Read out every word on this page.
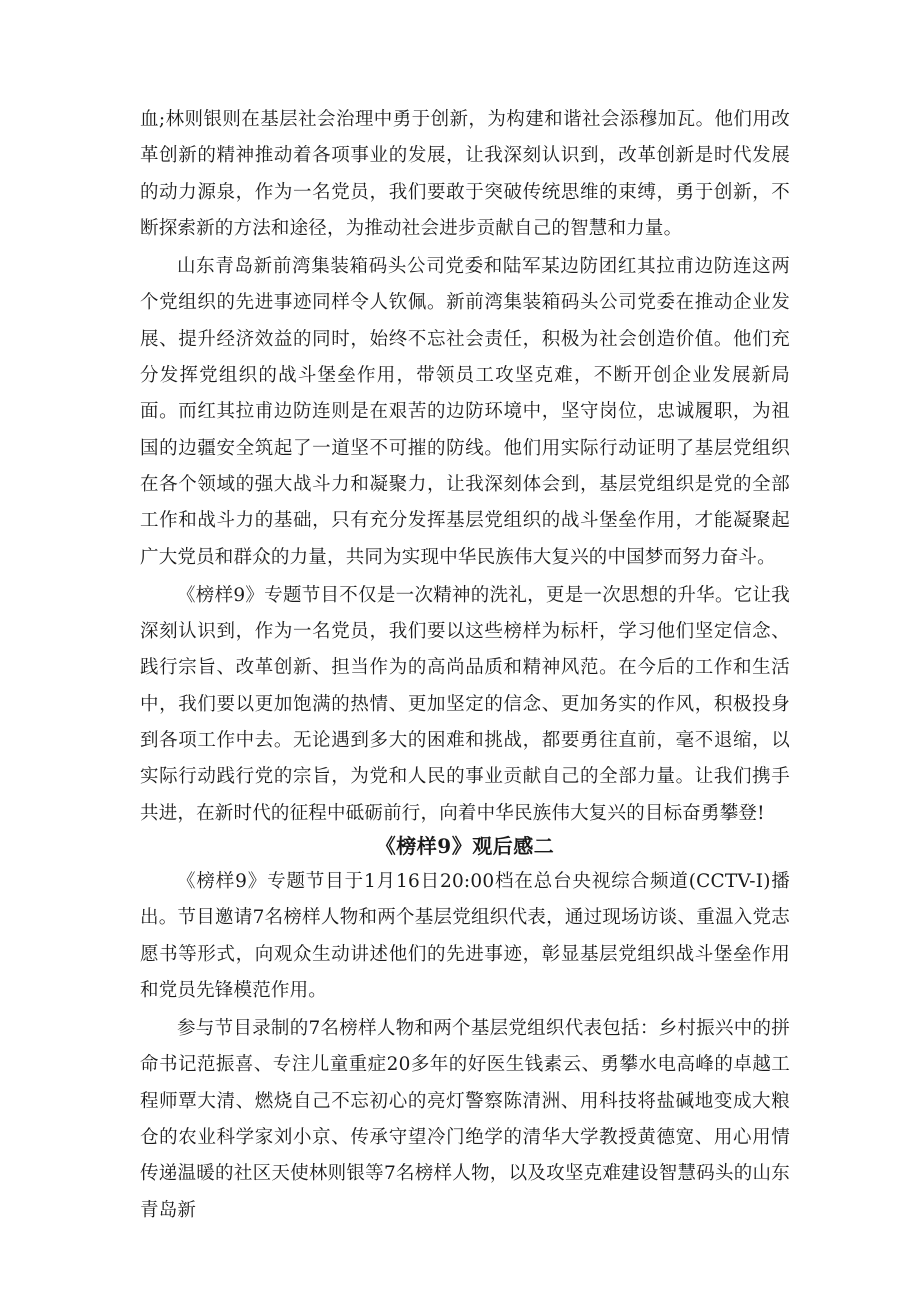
血;林则银则在基层社会治理中勇于创新，为构建和谐社会添穆加瓦。他们用改革创新的精神推动着各项事业的发展，让我深刻认识到，改革创新是时代发展的动力源泉，作为一名党员，我们要敢于突破传统思维的束缚，勇于创新，不断探索新的方法和途径，为推动社会进步贡献自己的智慧和力量。

山东青岛新前湾集装箱码头公司党委和陆军某边防团红其拉甫边防连这两个党组织的先进事迹同样令人钦佩。新前湾集装箱码头公司党委在推动企业发展、提升经济效益的同时，始终不忘社会责任，积极为社会创造价值。他们充分发挥党组织的战斗堡垒作用，带领员工攻坚克难，不断开创企业发展新局面。而红其拉甫边防连则是在艰苦的边防环境中，坚守岗位，忠诚履职，为祖国的边疆安全筑起了一道坚不可摧的防线。他们用实际行动证明了基层党组织在各个领域的强大战斗力和凝聚力，让我深刻体会到，基层党组织是党的全部工作和战斗力的基础，只有充分发挥基层党组织的战斗堡垒作用，才能凝聚起广大党员和群众的力量，共同为实现中华民族伟大复兴的中国梦而努力奋斗。

《榜样9》专题节目不仅是一次精神的洗礼，更是一次思想的升华。它让我深刻认识到，作为一名党员，我们要以这些榜样为标杆，学习他们坚定信念、践行宗旨、改革创新、担当作为的高尚品质和精神风范。在今后的工作和生活中，我们要以更加饱满的热情、更加坚定的信念、更加务实的作风，积极投身到各项工作中去。无论遇到多大的困难和挑战，都要勇往直前，毫不退缩，以实际行动践行党的宗旨，为党和人民的事业贡献自己的全部力量。让我们携手共进，在新时代的征程中砥砺前行，向着中华民族伟大复兴的目标奋勇攀登!

《榜样9》观后感二

《榜样9》专题节目于1月16日20:00档在总台央视综合频道(CCTV-I)播出。节目邀请7名榜样人物和两个基层党组织代表，通过现场访谈、重温入党志愿书等形式，向观众生动讲述他们的先进事迹，彰显基层党组织战斗堡垒作用和党员先锋模范作用。

参与节目录制的7名榜样人物和两个基层党组织代表包括：乡村振兴中的拼命书记范振喜、专注儿童重症20多年的好医生钱素云、勇攀水电高峰的卓越工程师覃大清、燃烧自己不忘初心的亮灯警察陈清洲、用科技将盐碱地变成大粮仓的农业科学家刘小京、传承守望冷门绝学的清华大学教授黄德宽、用心用情传递温暖的社区天使林则银等7名榜样人物，以及攻坚克难建设智慧码头的山东青岛新
